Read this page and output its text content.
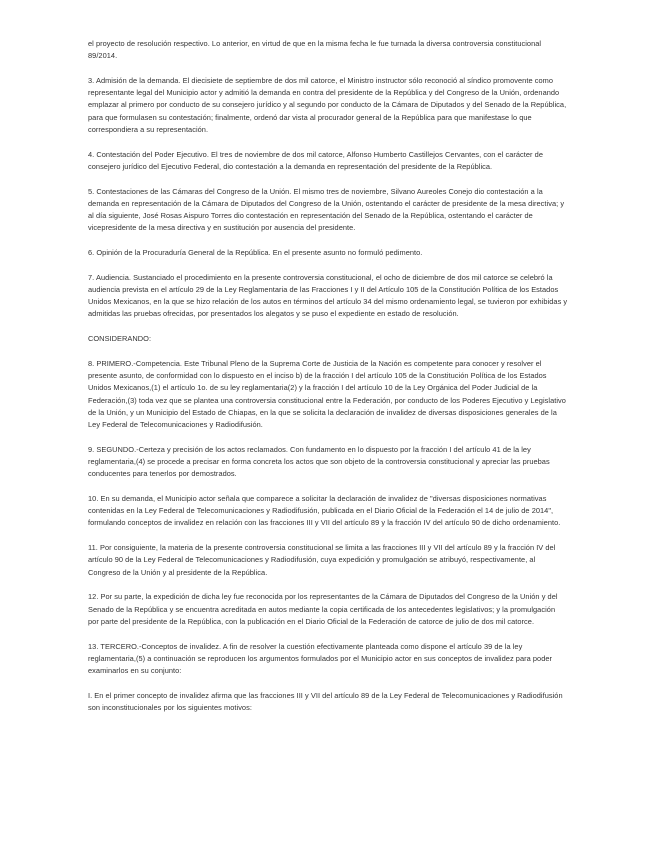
el proyecto de resolución respectivo. Lo anterior, en virtud de que en la misma fecha le fue turnada la diversa controversia constitucional 89/2014.

3. Admisión de la demanda. El diecisiete de septiembre de dos mil catorce, el Ministro instructor sólo reconoció al síndico promovente como representante legal del Municipio actor y admitió la demanda en contra del presidente de la República y del Congreso de la Unión, ordenando emplazar al primero por conducto de su consejero jurídico y al segundo por conducto de la Cámara de Diputados y del Senado de la República, para que formulasen su contestación; finalmente, ordenó dar vista al procurador general de la República para que manifestase lo que correspondiera a su representación.

4. Contestación del Poder Ejecutivo. El tres de noviembre de dos mil catorce, Alfonso Humberto Castillejos Cervantes, con el carácter de consejero jurídico del Ejecutivo Federal, dio contestación a la demanda en representación del presidente de la República.

5. Contestaciones de las Cámaras del Congreso de la Unión. El mismo tres de noviembre, Silvano Aureoles Conejo dio contestación a la demanda en representación de la Cámara de Diputados del Congreso de la Unión, ostentando el carácter de presidente de la mesa directiva; y al día siguiente, José Rosas Aispuro Torres dio contestación en representación del Senado de la República, ostentando el carácter de vicepresidente de la mesa directiva y en sustitución por ausencia del presidente.

6. Opinión de la Procuraduría General de la República. En el presente asunto no formuló pedimento.

7. Audiencia. Sustanciado el procedimiento en la presente controversia constitucional, el ocho de diciembre de dos mil catorce se celebró la audiencia prevista en el artículo 29 de la Ley Reglamentaria de las Fracciones I y II del Artículo 105 de la Constitución Política de los Estados Unidos Mexicanos, en la que se hizo relación de los autos en términos del artículo 34 del mismo ordenamiento legal, se tuvieron por exhibidas y admitidas las pruebas ofrecidas, por presentados los alegatos y se puso el expediente en estado de resolución.

CONSIDERANDO:

8. PRIMERO.-Competencia. Este Tribunal Pleno de la Suprema Corte de Justicia de la Nación es competente para conocer y resolver el presente asunto, de conformidad con lo dispuesto en el inciso b) de la fracción I del artículo 105 de la Constitución Política de los Estados Unidos Mexicanos,(1) el artículo 1o. de su ley reglamentaria(2) y la fracción I del artículo 10 de la Ley Orgánica del Poder Judicial de la Federación,(3) toda vez que se plantea una controversia constitucional entre la Federación, por conducto de los Poderes Ejecutivo y Legislativo de la Unión, y un Municipio del Estado de Chiapas, en la que se solicita la declaración de invalidez de diversas disposiciones generales de la Ley Federal de Telecomunicaciones y Radiodifusión.

9. SEGUNDO.-Certeza y precisión de los actos reclamados. Con fundamento en lo dispuesto por la fracción I del artículo 41 de la ley reglamentaria,(4) se procede a precisar en forma concreta los actos que son objeto de la controversia constitucional y apreciar las pruebas conducentes para tenerlos por demostrados.

10. En su demanda, el Municipio actor señala que comparece a solicitar la declaración de invalidez de "diversas disposiciones normativas contenidas en la Ley Federal de Telecomunicaciones y Radiodifusión, publicada en el Diario Oficial de la Federación el 14 de julio de 2014", formulando conceptos de invalidez en relación con las fracciones III y VII del artículo 89 y la fracción IV del artículo 90 de dicho ordenamiento.

11. Por consiguiente, la materia de la presente controversia constitucional se limita a las fracciones III y VII del artículo 89 y la fracción IV del artículo 90 de la Ley Federal de Telecomunicaciones y Radiodifusión, cuya expedición y promulgación se atribuyó, respectivamente, al Congreso de la Unión y al presidente de la República.

12. Por su parte, la expedición de dicha ley fue reconocida por los representantes de la Cámara de Diputados del Congreso de la Unión y del Senado de la República y se encuentra acreditada en autos mediante la copia certificada de los antecedentes legislativos; y la promulgación por parte del presidente de la República, con la publicación en el Diario Oficial de la Federación de catorce de julio de dos mil catorce.

13. TERCERO.-Conceptos de invalidez. A fin de resolver la cuestión efectivamente planteada como dispone el artículo 39 de la ley reglamentaria,(5) a continuación se reproducen los argumentos formulados por el Municipio actor en sus conceptos de invalidez para poder examinarlos en su conjunto:

I. En el primer concepto de invalidez afirma que las fracciones III y VII del artículo 89 de la Ley Federal de Telecomunicaciones y Radiodifusión son inconstitucionales por los siguientes motivos:
